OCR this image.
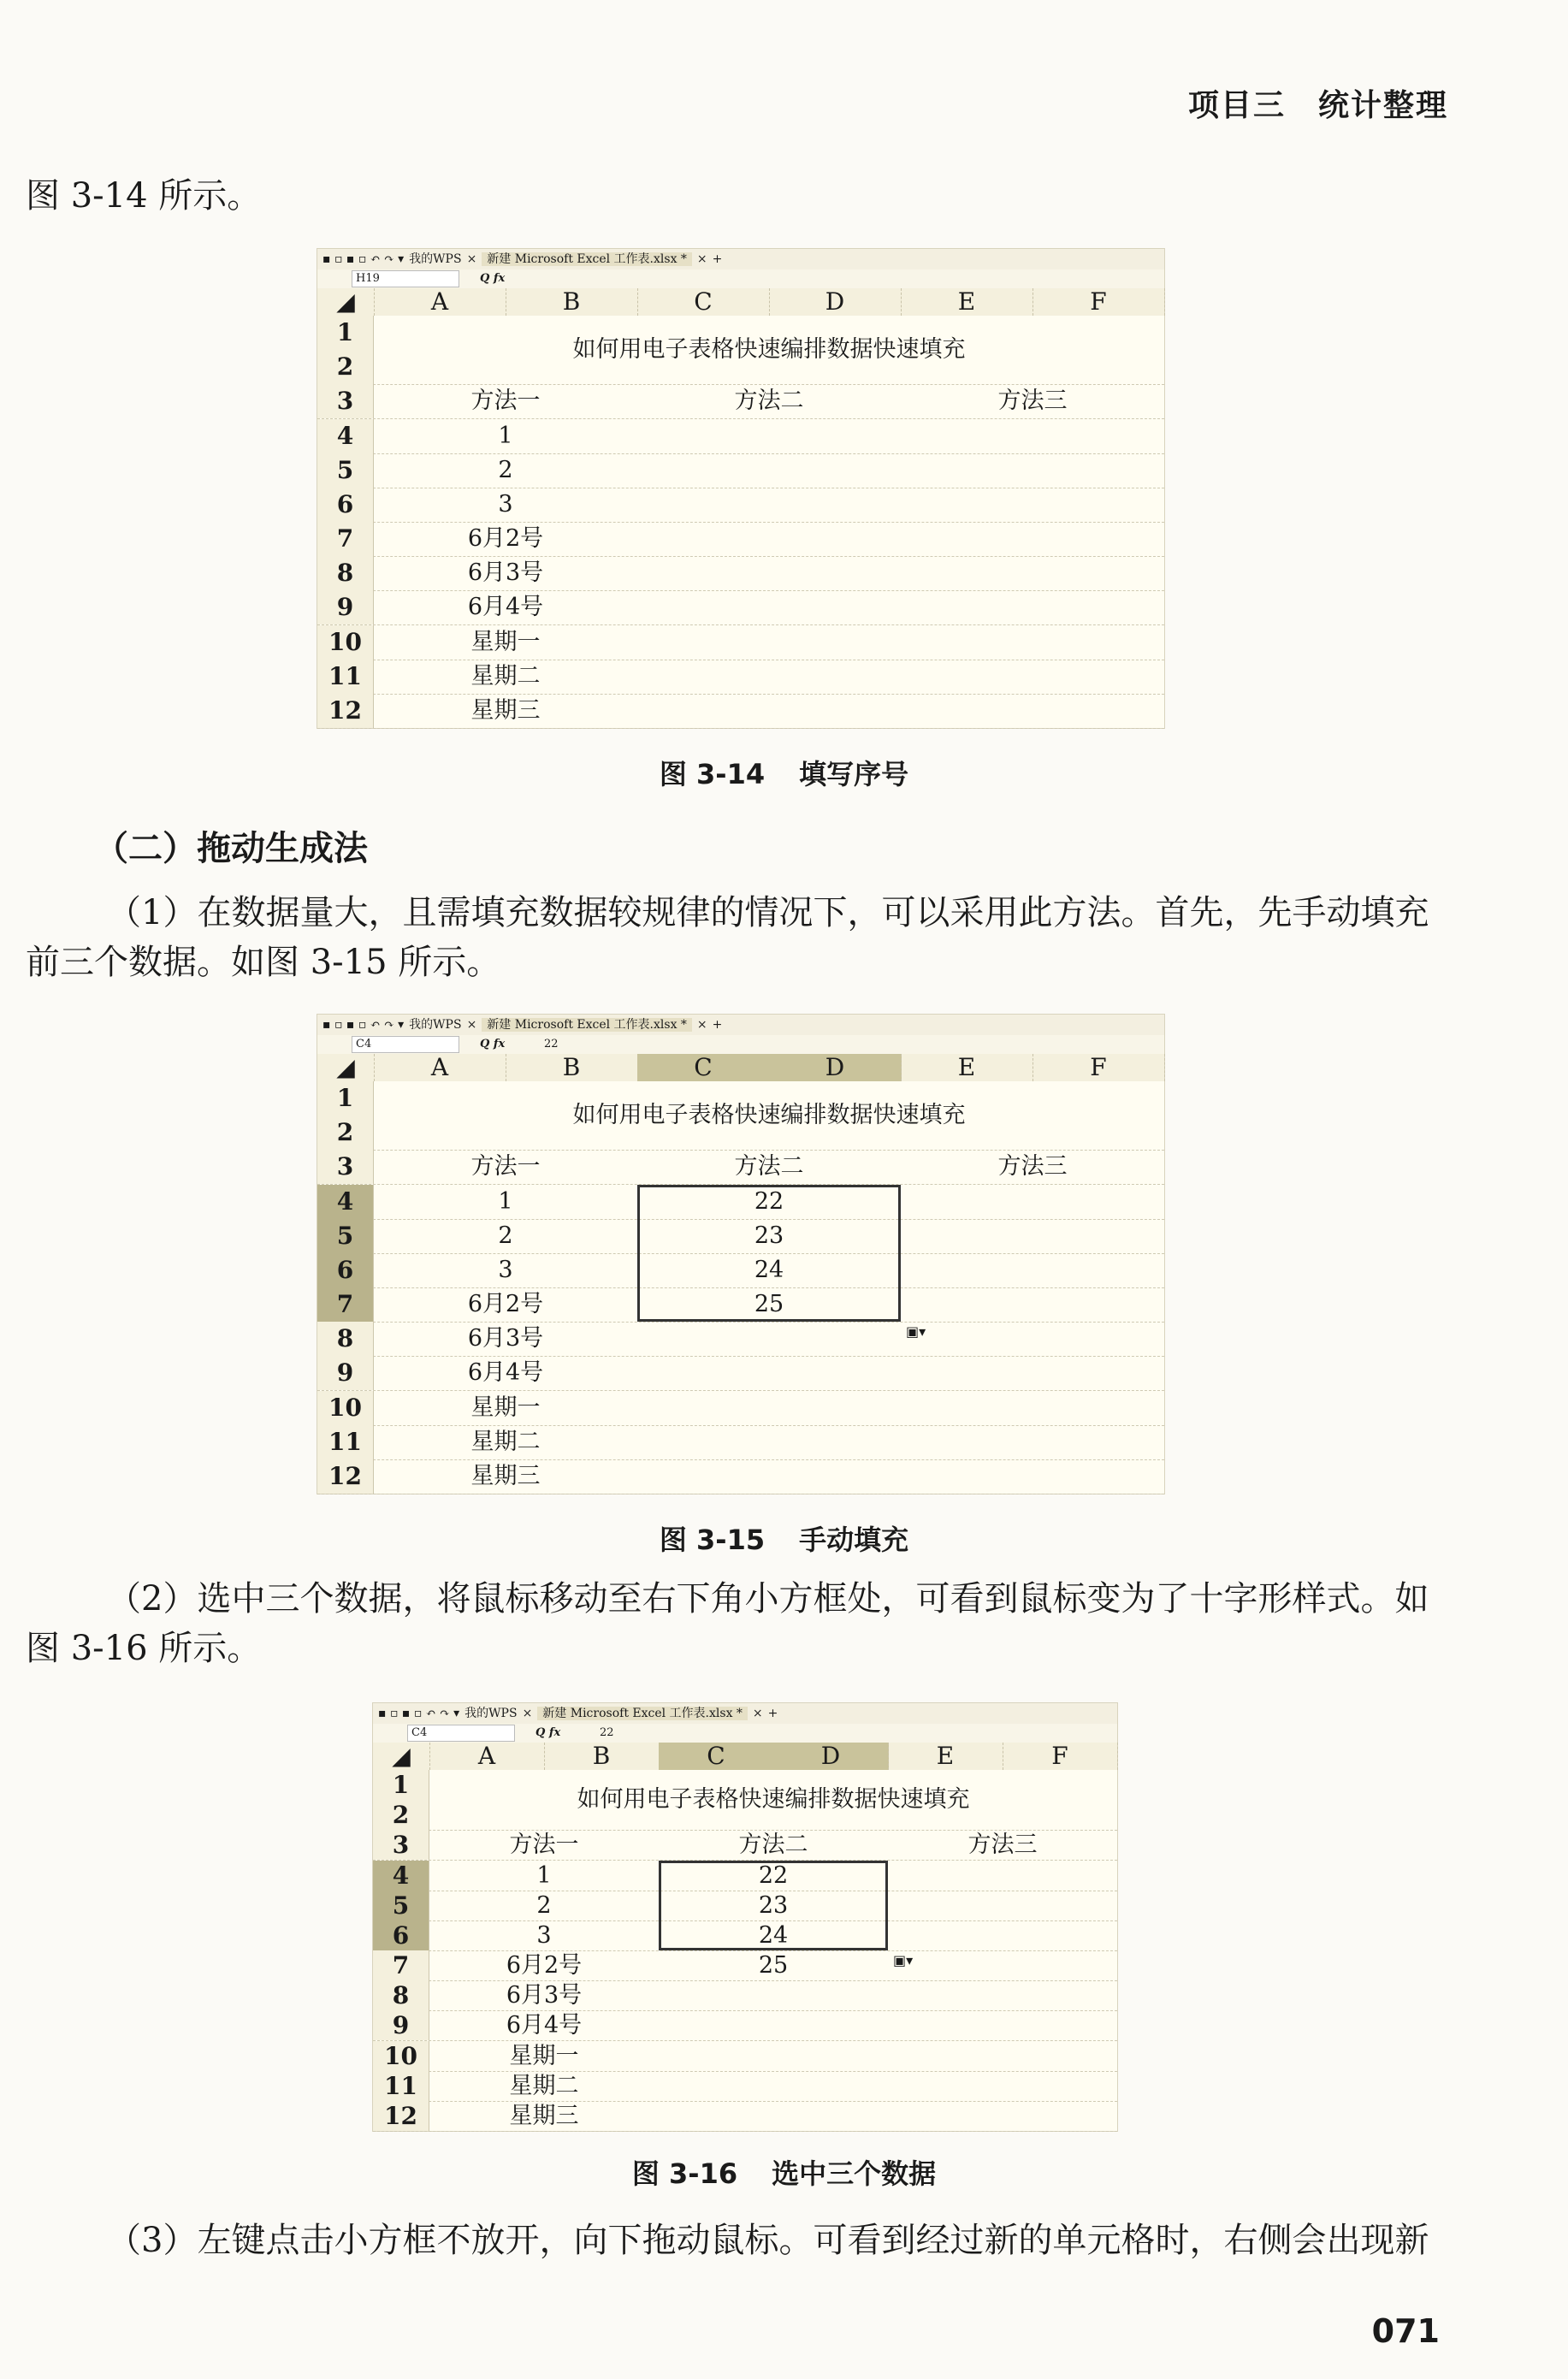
项目三　统计整理
图 3-14 所示。
▪ ▫ ▪ ▫ ↶ ↷ ▾ 我的WPS × 新建 Microsoft Excel 工作表.xlsx * × +
H19	Q fx
◢	A	B	C	D	E	F
1
2
3	方法一	方法二	方法三
4	1
5	2
6	3
7	6月2号
8	6月3号
9	6月4号
10	星期一
11	星期二
12	星期三
如何用电子表格快速编排数据快速填充
图 3-14 填写序号
（二）拖动生成法
（1）在数据量大，且需填充数据较规律的情况下，可以采用此方法。首先，先手动填充前三个数据。如图 3-15 所示。
▪ ▫ ▪ ▫ ↶ ↷ ▾ 我的WPS × 新建 Microsoft Excel 工作表.xlsx * × +
C4	Q fx	22
◢	A	B	C	D	E	F
1
2
3	方法一	方法二	方法三
4	1	22
5	2	23
6	3	24
7	6月2号	25
8	6月3号
9	6月4号
10	星期一
11	星期二
12	星期三
如何用电子表格快速编排数据快速填充
▣▾
图 3-15 手动填充
（2）选中三个数据，将鼠标移动至右下角小方框处，可看到鼠标变为了十字形样式。如图 3-16 所示。
▪ ▫ ▪ ▫ ↶ ↷ ▾ 我的WPS × 新建 Microsoft Excel 工作表.xlsx * × +
C4	Q fx	22
◢	A	B	C	D	E	F
1
2
3	方法一	方法二	方法三
4	1	22
5	2	23
6	3	24
7	6月2号	25
8	6月3号
9	6月4号
10	星期一
11	星期二
12	星期三
如何用电子表格快速编排数据快速填充
▣▾
图 3-16 选中三个数据
（3）左键点击小方框不放开，向下拖动鼠标。可看到经过新的单元格时，右侧会出现新
071
